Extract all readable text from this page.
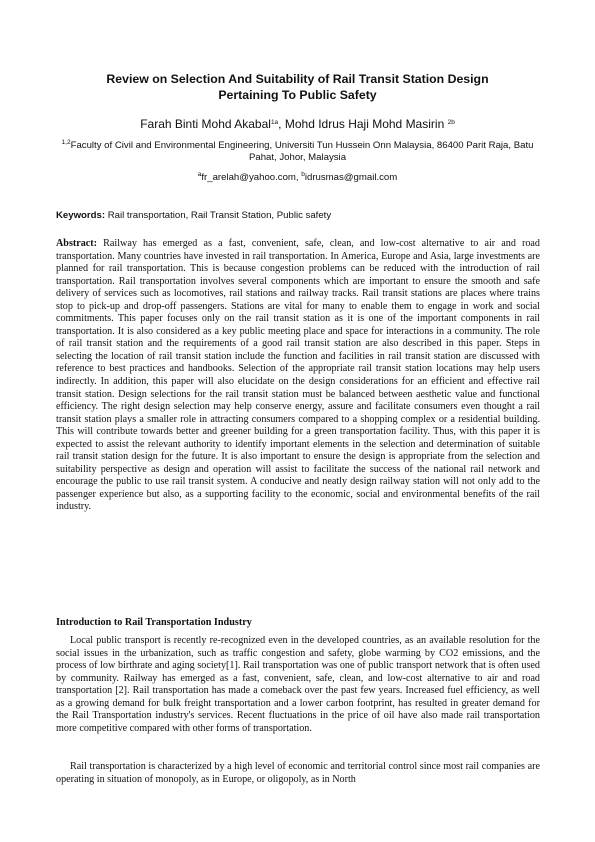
Review on Selection And Suitability of Rail Transit Station Design
Pertaining To Public Safety
Farah Binti Mohd Akabal$^{1a}$, Mohd Idrus Haji Mohd Masirin $^{2b}$
$^{1,2}$Faculty of Civil and Environmental Engineering, Universiti Tun Hussein Onn Malaysia, 86400 Parit Raja, Batu Pahat, Johor, Malaysia
$^a$fr_arelah@yahoo.com, $^b$idrusmas@gmail.com
Keywords: Rail transportation, Rail Transit Station, Public safety

Abstract: Railway has emerged as a fast, convenient, safe, clean, and low-cost alternative to air and road transportation. Many countries have invested in rail transportation. In America, Europe and Asia, large investments are planned for rail transportation. This is because congestion problems can be reduced with the introduction of rail transportation. Rail transportation involves several components which are important to ensure the smooth and safe delivery of services such as locomotives, rail stations and railway tracks. Rail transit stations are places where trains stop to pick-up and drop-off passengers. Stations are vital for many to enable them to engage in work and social commitments. This paper focuses only on the rail transit station as it is one of the important components in rail transportation. It is also considered as a key public meeting place and space for interactions in a community. The role of rail transit station and the requirements of a good rail transit station are also described in this paper. Steps in selecting the location of rail transit station include the function and facilities in rail transit station are discussed with reference to best practices and handbooks. Selection of the appropriate rail transit station locations may help users indirectly. In addition, this paper will also elucidate on the design considerations for an efficient and effective rail transit station. Design selections for the rail transit station must be balanced between aesthetic value and functional efficiency. The right design selection may help conserve energy, assure and facilitate consumers even thought a rail transit station plays a smaller role in attracting consumers compared to a shopping complex or a residential building. This will contribute towards better and greener building for a green transportation facility. Thus, with this paper it is expected to assist the relevant authority to identify important elements in the selection and determination of suitable rail transit station design for the future. It is also important to ensure the design is appropriate from the selection and suitability perspective as design and operation will assist to facilitate the success of the national rail network and encourage the public to use rail transit system. A conducive and neatly design railway station will not only add to the passenger experience but also, as a supporting facility to the economic, social and environmental benefits of the rail industry.

Introduction to Rail Transportation Industry

Local public transport is recently re-recognized even in the developed countries, as an available resolution for the social issues in the urbanization, such as traffic congestion and safety, globe warming by CO2 emissions, and the process of low birthrate and aging society[1]. Rail transportation was one of public transport network that is often used by community. Railway has emerged as a fast, convenient, safe, clean, and low-cost alternative to air and road transportation [2]. Rail transportation has made a comeback over the past few years. Increased fuel efficiency, as well as a growing demand for bulk freight transportation and a lower carbon footprint, has resulted in greater demand for the Rail Transportation industry's services. Recent fluctuations in the price of oil have also made rail transportation more competitive compared with other forms of transportation.

Rail transportation is characterized by a high level of economic and territorial control since most rail companies are operating in situation of monopoly, as in Europe, or oligopoly, as in North
